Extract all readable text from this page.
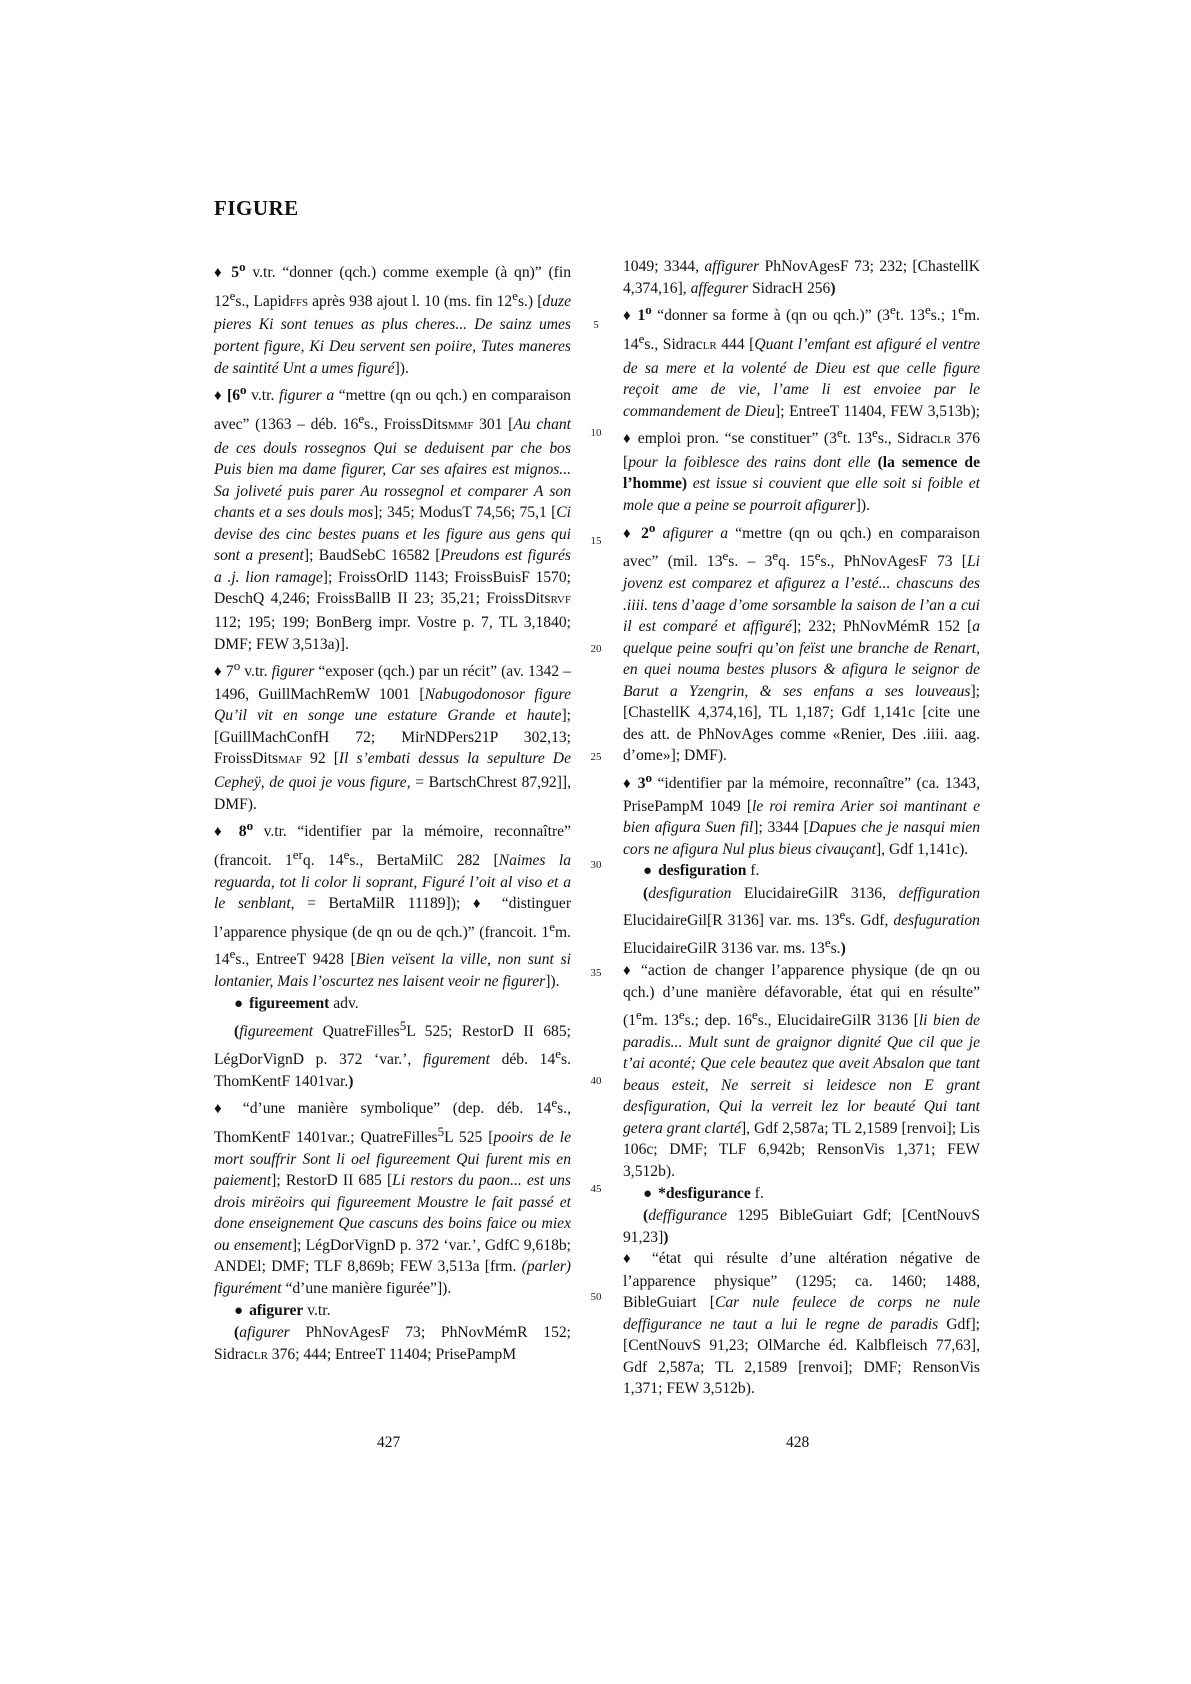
FIGURE
5
10
15
20
25
30
35
40
45
50

♦ 5$^o$ v.tr. “donner (qch.) comme exemple (à qn)” (fin 12es., LapidFFS après 938 ajout l. 10 (ms. fin 12es.) [duze pieres Ki sont tenues as plus cheres... De sainz umes portent figure, Ki Deu servent sen poiire, Tutes maneres de saintité Unt a umes figuré]).

♦ [6$^o$ v.tr. figurer a “mettre (qn ou qch.) en comparaison avec” (1363 – déb. 16es., FroissDitsMMF 301 [Au chant de ces douls rossegnos Qui se deduisent par che bos Puis bien ma dame figurer, Car ses afaires est mignos... Sa joliveté puis parer Au rossegnol et comparer A son chants et a ses douls mos]; 345; ModusT 74,56; 75,1 [Ci devise des cinc bestes puans et les figure aus gens qui sont a present]; BaudSebC 16582 [Preudons est figurés a .j. lion ramage]; FroissOrlD 1143; FroissBuisF 1570; DeschQ 4,246; FroissBallB II 23; 35,21; FroissDitsRVF 112; 195; 199; BonBerg impr. Vostre p. 7, TL 3,1840; DMF; FEW 3,513a)].

♦ 7$^o$ v.tr. figurer “exposer (qch.) par un récit” (av. 1342 – 1496, GuillMachRemW 1001 [Nabugodonosor figure Qu’il vit en songe une estature Grande et haute]; [GuillMachConfH 72; MirNDPers21P 302,13; FroissDitsMAF 92 [Il s’embati dessus la sepulture De Cepheÿ, de quoi je vous figure, = BartschChrest 87,92]], DMF).

♦ 8$^o$ v.tr. “identifier par la mémoire, reconnaître” (francoit. 1erq. 14es., BertaMilC 282 [Naimes la reguarda, tot li color li soprant, Figuré l’oit al viso et a le senblant, = BertaMilR 11189]); ♦ “distinguer l’apparence physique (de qn ou de qch.)” (francoit. 1em. 14es., EntreeT 9428 [Bien veïsent la ville, non sunt si lontanier, Mais l’oscurtez nes laisent veoir ne figurer]).

● figureement adv.

(figureement QuatreFilles$^5$L 525; RestorD II 685; LégDorVignD p. 372 ‘var.’, figurement déb. 14es. ThomKentF 1401var.)

♦ “d’une manière symbolique” (dep. déb. 14es., ThomKentF 1401var.; QuatreFilles$^5$L 525 [pooirs de le mort souffrir Sont li oel figureement Qui furent mis en paiement]; RestorD II 685 [Li restors du paon... est uns drois mirëoirs qui figureement Moustre le fait passé et done enseignement Que cascuns des boins faice ou miex ou ensement]; LégDorVignD p. 372 ‘var.’, GdfC 9,618b; ANDEl; DMF; TLF 8,869b; FEW 3,513a [frm. (parler) figurément “d’une manière figurée”]).

● afigurer v.tr.

(afigurer PhNovAgesF 73; PhNovMémR 152; SidracLR 376; 444; EntreeT 11404; PrisePampM

1049; 3344, affigurer PhNovAgesF 73; 232; [ChastellK 4,374,16], affegurer SidracH 256)

♦ 1$^o$ “donner sa forme à (qn ou qch.)” (3et. 13es.; 1em. 14es., SidracLR 444 [Quant l’emfant est afiguré el ventre de sa mere et la volenté de Dieu est que celle figure reçoit ame de vie, l’ame li est envoiee par le commandement de Dieu]; EntreeT 11404, FEW 3,513b); ♦ emploi pron. “se constituer” (3et. 13es., SidracLR 376 [pour la foiblesce des rains dont elle (la semence de l’homme) est issue si couvient que elle soit si foible et mole que a peine se pourroit afigurer]).

♦ 2$^o$ afigurer a “mettre (qn ou qch.) en comparaison avec” (mil. 13es. – 3eq. 15es., PhNovAgesF 73 [Li jovenz est comparez et afigurez a l’esté... chascuns des .iiii. tens d’aage d’ome sorsamble la saison de l’an a cui il est comparé et affiguré]; 232; PhNovMémR 152 [a quelque peine soufri qu’on feïst une branche de Renart, en quei nouma bestes plusors & afigura le seignor de Barut a Yzengrin, & ses enfans a ses louveaus]; [ChastellK 4,374,16], TL 1,187; Gdf 1,141c [cite une des att. de PhNovAges comme «Renier, Des .iiii. aag. d’ome»]; DMF).

♦ 3$^o$ “identifier par la mémoire, reconnaître” (ca. 1343, PrisePampM 1049 [le roi remira Arier soi mantinant e bien afigura Suen fil]; 3344 [Dapues che je nasqui mien cors ne afigura Nul plus bieus civauçant], Gdf 1,141c).

● desfiguration f.

(desfiguration ElucidaireGilR 3136, deffiguration ElucidaireGil[R 3136] var. ms. 13es. Gdf, desfuguration ElucidaireGilR 3136 var. ms. 13es.)

♦ “action de changer l’apparence physique (de qn ou qch.) d’une manière défavorable, état qui en résulte” (1em. 13es.; dep. 16es., ElucidaireGilR 3136 [li bien de paradis... Mult sunt de graignor dignité Que cil que je t’ai aconté; Que cele beautez que aveit Absalon que tant beaus esteit, Ne serreit si leidesce non E grant desfiguration, Qui la verreit lez lor beauté Qui tant getera grant clarté], Gdf 2,587a; TL 2,1589 [renvoi]; Lis 106c; DMF; TLF 6,942b; RensonVis 1,371; FEW 3,512b).

● *desfigurance f.

(deffigurance 1295 BibleGuiart Gdf; [CentNouvS 91,23])

♦ “état qui résulte d’une altération négative de l’apparence physique” (1295; ca. 1460; 1488, BibleGuiart [Car nule feulece de corps ne nule deffigurance ne taut a lui le regne de paradis Gdf]; [CentNouvS 91,23; OlMarche éd. Kalbfleisch 77,63], Gdf 2,587a; TL 2,1589 [renvoi]; DMF; RensonVis 1,371; FEW 3,512b).

427	428
